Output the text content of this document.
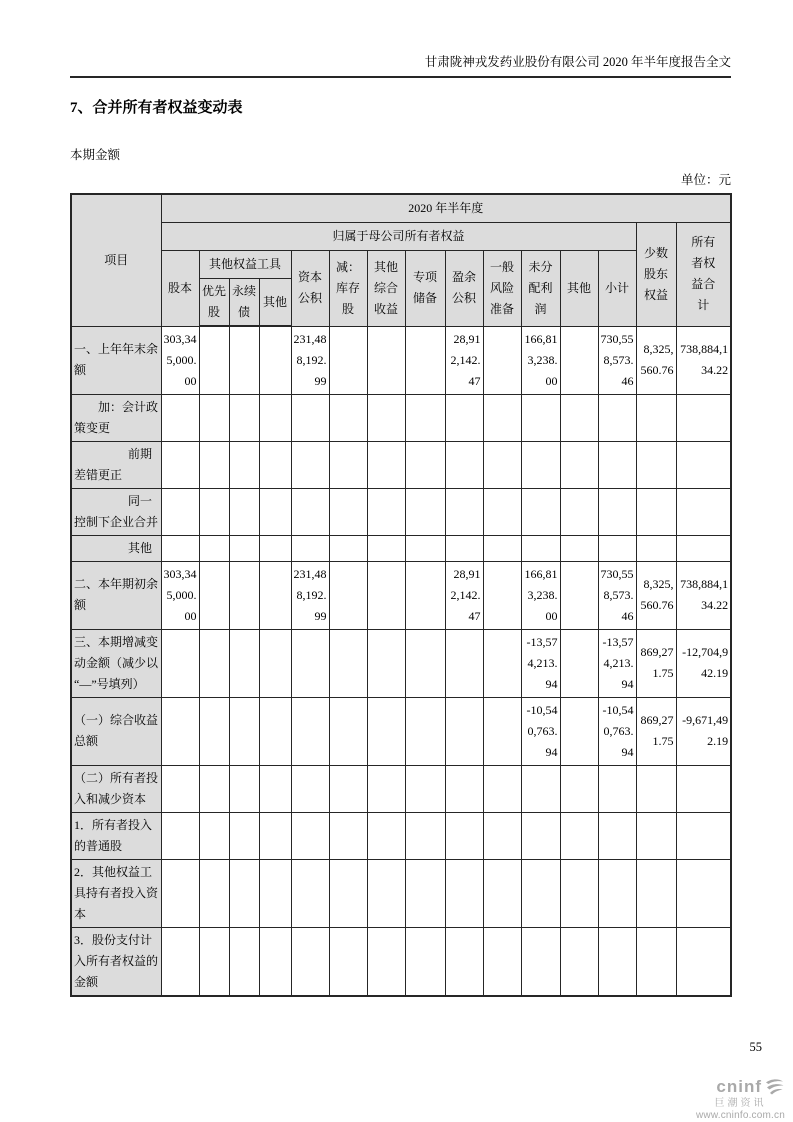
甘肃陇神戎发药业股份有限公司 2020 年半年度报告全文
7、合并所有者权益变动表
本期金额
单位：元
项目	2020 年半年度														
	归属于母公司所有者权益													少数股东权益	所有者权益合计
	股本	其他权益工具			资本公积	减：库存股	其他综合收益	专项储备	盈余公积	一般风险准备	未分配利润	其他	小计		
		优先股	永续债	其他											
一、上年年末余额	303,345,000.00				231,488,192.99				28,912,142.47		166,813,238.00		730,558,573.46	8,325,560.76	738,884,134.22
加：会计政策变更															
前期差错更正															
同一控制下企业合并															
其他															
二、本年期初余额	303,345,000.00				231,488,192.99				28,912,142.47		166,813,238.00		730,558,573.46	8,325,560.76	738,884,134.22
三、本期增减变动金额（减少以“—”号填列）											-13,574,213.94		-13,574,213.94	869,271.75	-12,704,942.19
（一）综合收益总额											-10,540,763.94		-10,540,763.94	869,271.75	-9,671,492.19
（二）所有者投入和减少资本															
1．所有者投入的普通股															
2．其他权益工具持有者投入资本															
3．股份支付计入所有者权益的金额															
55
cninf
巨潮资讯
www.cninfo.com.cn
